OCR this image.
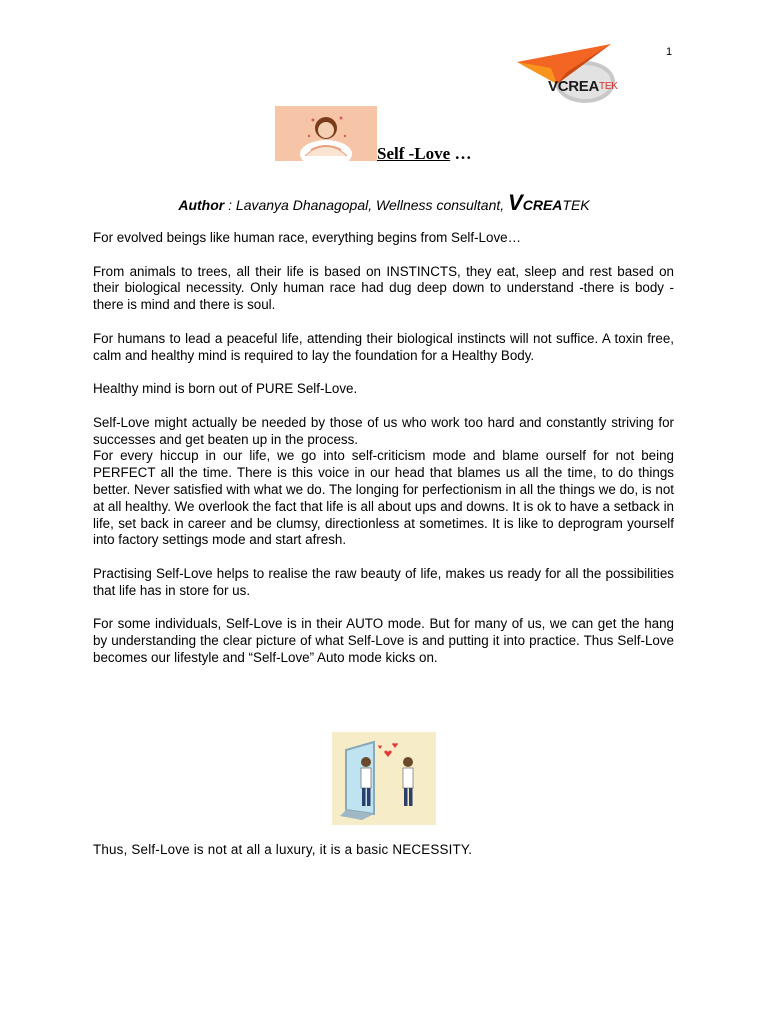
1
VCREATEK
Self -Love …
Author : Lavanya Dhanagopal, Wellness consultant, VCREATEK

For evolved beings like human race, everything begins from Self-Love…

From animals to trees, all their life is based on INSTINCTS, they eat, sleep and rest based on their biological necessity. Only human race had dug deep down to understand -there is body -there is mind and there is soul.

For humans to lead a peaceful life, attending their biological instincts will not suffice. A toxin free, calm and healthy mind is required to lay the foundation for a Healthy Body.

Healthy mind is born out of PURE Self-Love.

Self-Love might actually be needed by those of us who work too hard and constantly striving for successes and get beaten up in the process.

For every hiccup in our life, we go into self-criticism mode and blame ourself for not being PERFECT all the time. There is this voice in our head that blames us all the time, to do things better. Never satisfied with what we do. The longing for perfectionism in all the things we do, is not at all healthy. We overlook the fact that life is all about ups and downs. It is ok to have a setback in life, set back in career and be clumsy, directionless at sometimes. It is like to deprogram yourself into factory settings mode and start afresh.

Practising Self-Love helps to realise the raw beauty of life, makes us ready for all the possibilities that life has in store for us.

For some individuals, Self-Love is in their AUTO mode. But for many of us, we can get the hang by understanding the clear picture of what Self-Love is and putting it into practice. Thus Self-Love becomes our lifestyle and “Self-Love” Auto mode kicks on.

Thus, Self-Love is not at all a luxury, it is a basic NECESSITY.
